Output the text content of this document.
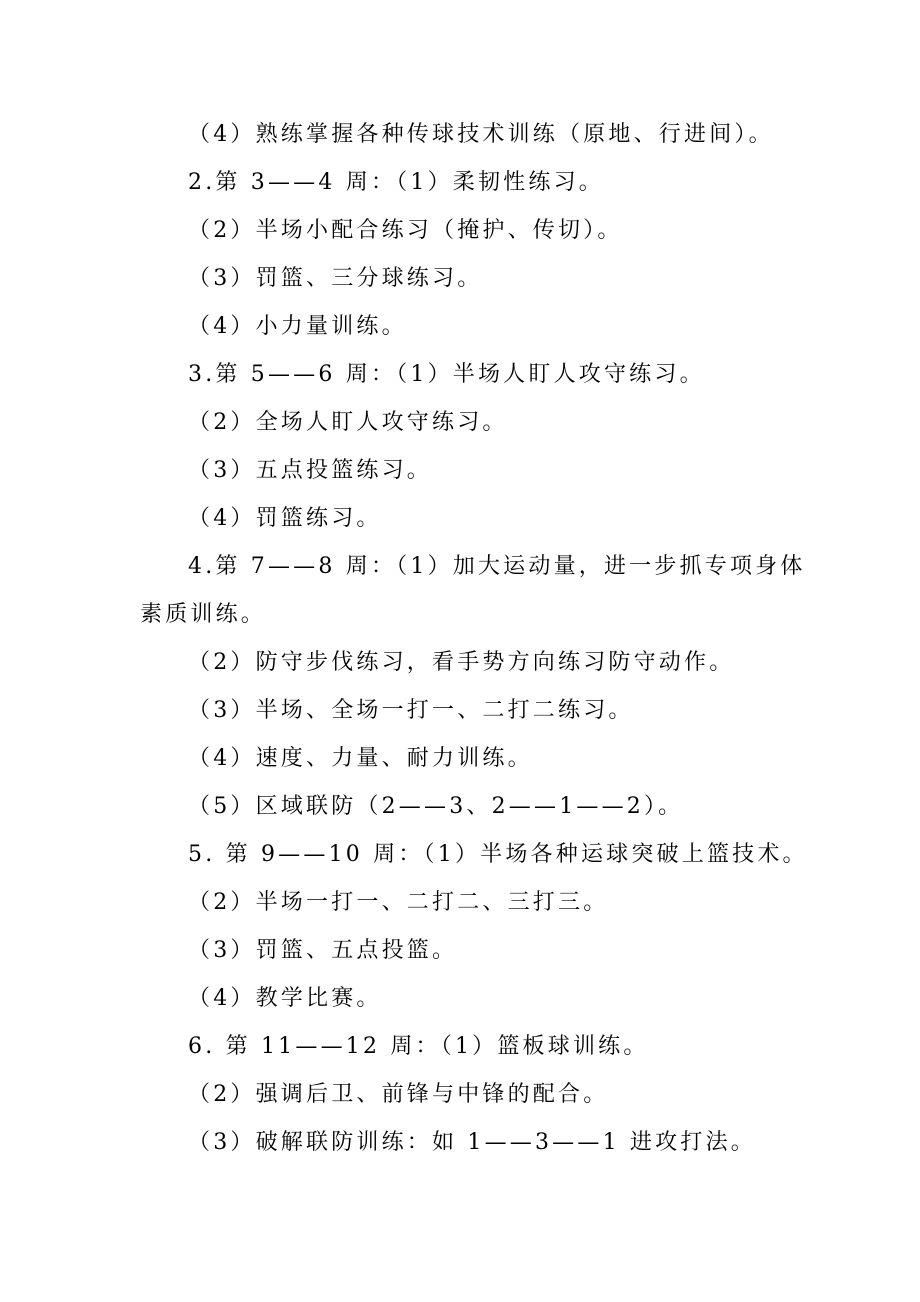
（4）熟练掌握各种传球技术训练（原地、行进间）。
2.第 3——4 周：（1）柔韧性练习。
（2）半场小配合练习（掩护、传切）。
（3）罚篮、三分球练习。
（4）小力量训练。
3.第 5——6 周：（1）半场人盯人攻守练习。
（2）全场人盯人攻守练习。
（3）五点投篮练习。
（4）罚篮练习。
4.第 7——8 周：（1）加大运动量，进一步抓专项身体
素质训练。
（2）防守步伐练习，看手势方向练习防守动作。
（3）半场、全场一打一、二打二练习。
（4）速度、力量、耐力训练。
（5）区域联防（2——3、2——1——2）。
5. 第 9——10 周：（1）半场各种运球突破上篮技术。
（2）半场一打一、二打二、三打三。
（3）罚篮、五点投篮。
（4）教学比赛。
6. 第 11——12 周：（1）篮板球训练。
（2）强调后卫、前锋与中锋的配合。
（3）破解联防训练：如 1——3——1 进攻打法。
